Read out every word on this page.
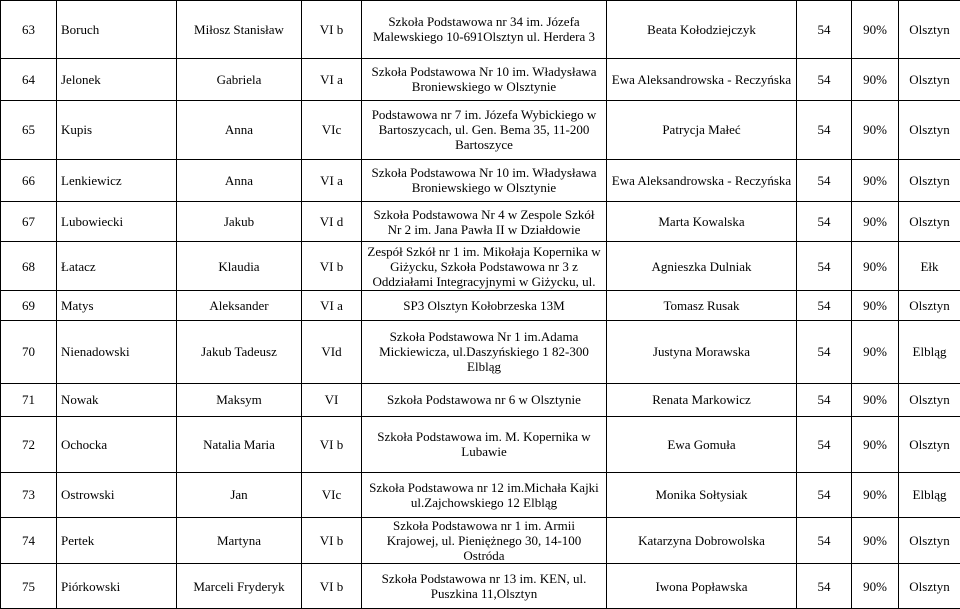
63	Boruch	Miłosz Stanisław	VI b	Szkoła Podstawowa nr 34 im. Józefa Malewskiego 10-691Olsztyn ul. Herdera 3	Beata Kołodziejczyk	54	90%	Olsztyn
64	Jelonek	Gabriela	VI a	Szkoła Podstawowa Nr 10 im. Władysława Broniewskiego w Olsztynie	Ewa Aleksandrowska - Reczyńska	54	90%	Olsztyn
65	Kupis	Anna	VIc	Podstawowa nr 7 im. Józefa Wybickiego w Bartoszycach, ul. Gen. Bema 35, 11-200 Bartoszyce	Patrycja Małeć	54	90%	Olsztyn
66	Lenkiewicz	Anna	VI a	Szkoła Podstawowa Nr 10 im. Władysława Broniewskiego w Olsztynie	Ewa Aleksandrowska - Reczyńska	54	90%	Olsztyn
67	Lubowiecki	Jakub	VI d	Szkoła Podstawowa Nr 4 w Zespole Szkół Nr 2 im. Jana Pawła II w Działdowie	Marta Kowalska	54	90%	Olsztyn
68	Łatacz	Klaudia	VI b	Zespół Szkół nr 1 im. Mikołaja Kopernika w Giżycku, Szkoła Podstawowa nr 3 z Oddziałami Integracyjnymi w Giżycku, ul.	Agnieszka Dulniak	54	90%	Ełk
69	Matys	Aleksander	VI a	SP3 Olsztyn Kołobrzeska 13M	Tomasz Rusak	54	90%	Olsztyn
70	Nienadowski	Jakub Tadeusz	VId	Szkoła Podstawowa Nr 1 im.Adama Mickiewicza, ul.Daszyńskiego 1 82-300 Elbląg	Justyna Morawska	54	90%	Elbląg
71	Nowak	Maksym	VI	Szkoła Podstawowa nr 6 w Olsztynie	Renata Markowicz	54	90%	Olsztyn
72	Ochocka	Natalia Maria	VI b	Szkoła Podstawowa im. M. Kopernika w Lubawie	Ewa Gomuła	54	90%	Olsztyn
73	Ostrowski	Jan	VIc	Szkoła Podstawowa nr 12 im.Michała Kajki ul.Zajchowskiego 12 Elbląg	Monika Sołtysiak	54	90%	Elbląg
74	Pertek	Martyna	VI b	Szkoła Podstawowa nr 1 im. Armii Krajowej, ul. Pieniężnego 30, 14-100 Ostróda	Katarzyna Dobrowolska	54	90%	Olsztyn
75	Piórkowski	Marceli Fryderyk	VI b	Szkoła Podstawowa nr 13 im. KEN, ul. Puszkina 11,Olsztyn	Iwona Popławska	54	90%	Olsztyn
